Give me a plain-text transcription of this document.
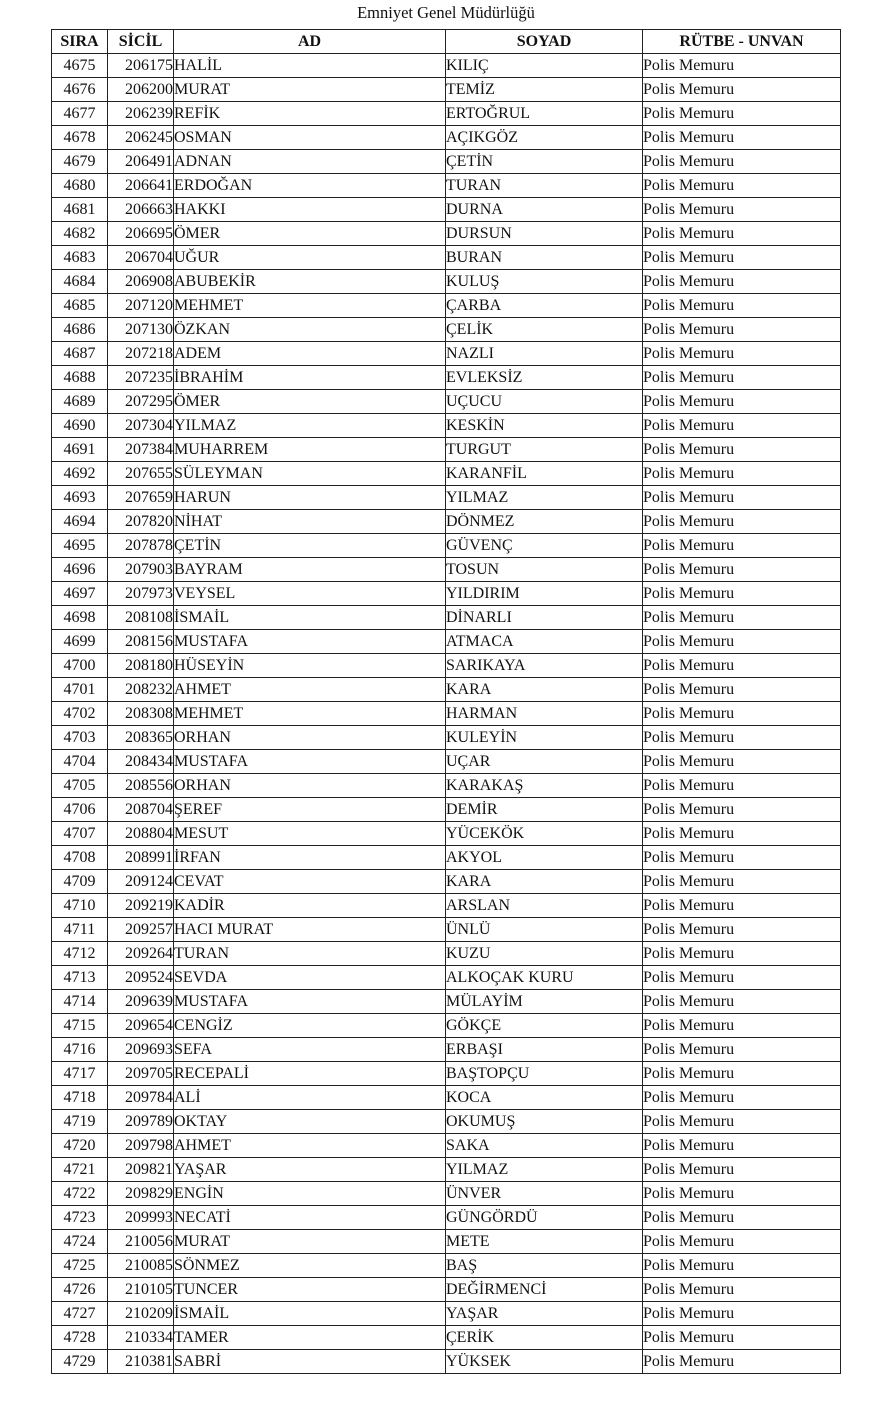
Emniyet Genel Müdürlüğü
SIRA	SİCİL	AD	SOYAD	RÜTBE - UNVAN
4675	206175	HALİL	KILIÇ	Polis Memuru
4676	206200	MURAT	TEMİZ	Polis Memuru
4677	206239	REFİK	ERTOĞRUL	Polis Memuru
4678	206245	OSMAN	AÇIKGÖZ	Polis Memuru
4679	206491	ADNAN	ÇETİN	Polis Memuru
4680	206641	ERDOĞAN	TURAN	Polis Memuru
4681	206663	HAKKI	DURNA	Polis Memuru
4682	206695	ÖMER	DURSUN	Polis Memuru
4683	206704	UĞUR	BURAN	Polis Memuru
4684	206908	ABUBEKİR	KULUŞ	Polis Memuru
4685	207120	MEHMET	ÇARBA	Polis Memuru
4686	207130	ÖZKAN	ÇELİK	Polis Memuru
4687	207218	ADEM	NAZLI	Polis Memuru
4688	207235	İBRAHİM	EVLEKSİZ	Polis Memuru
4689	207295	ÖMER	UÇUCU	Polis Memuru
4690	207304	YILMAZ	KESKİN	Polis Memuru
4691	207384	MUHARREM	TURGUT	Polis Memuru
4692	207655	SÜLEYMAN	KARANFİL	Polis Memuru
4693	207659	HARUN	YILMAZ	Polis Memuru
4694	207820	NİHAT	DÖNMEZ	Polis Memuru
4695	207878	ÇETİN	GÜVENÇ	Polis Memuru
4696	207903	BAYRAM	TOSUN	Polis Memuru
4697	207973	VEYSEL	YILDIRIM	Polis Memuru
4698	208108	İSMAİL	DİNARLI	Polis Memuru
4699	208156	MUSTAFA	ATMACA	Polis Memuru
4700	208180	HÜSEYİN	SARIKAYA	Polis Memuru
4701	208232	AHMET	KARA	Polis Memuru
4702	208308	MEHMET	HARMAN	Polis Memuru
4703	208365	ORHAN	KULEYİN	Polis Memuru
4704	208434	MUSTAFA	UÇAR	Polis Memuru
4705	208556	ORHAN	KARAKAŞ	Polis Memuru
4706	208704	ŞEREF	DEMİR	Polis Memuru
4707	208804	MESUT	YÜCEKÖK	Polis Memuru
4708	208991	İRFAN	AKYOL	Polis Memuru
4709	209124	CEVAT	KARA	Polis Memuru
4710	209219	KADİR	ARSLAN	Polis Memuru
4711	209257	HACI MURAT	ÜNLÜ	Polis Memuru
4712	209264	TURAN	KUZU	Polis Memuru
4713	209524	SEVDA	ALKOÇAK KURU	Polis Memuru
4714	209639	MUSTAFA	MÜLAYİM	Polis Memuru
4715	209654	CENGİZ	GÖKÇE	Polis Memuru
4716	209693	SEFA	ERBAŞI	Polis Memuru
4717	209705	RECEPALİ	BAŞTOPÇU	Polis Memuru
4718	209784	ALİ	KOCA	Polis Memuru
4719	209789	OKTAY	OKUMUŞ	Polis Memuru
4720	209798	AHMET	SAKA	Polis Memuru
4721	209821	YAŞAR	YILMAZ	Polis Memuru
4722	209829	ENGİN	ÜNVER	Polis Memuru
4723	209993	NECATİ	GÜNGÖRDÜ	Polis Memuru
4724	210056	MURAT	METE	Polis Memuru
4725	210085	SÖNMEZ	BAŞ	Polis Memuru
4726	210105	TUNCER	DEĞİRMENCİ	Polis Memuru
4727	210209	İSMAİL	YAŞAR	Polis Memuru
4728	210334	TAMER	ÇERİK	Polis Memuru
4729	210381	SABRİ	YÜKSEK	Polis Memuru
